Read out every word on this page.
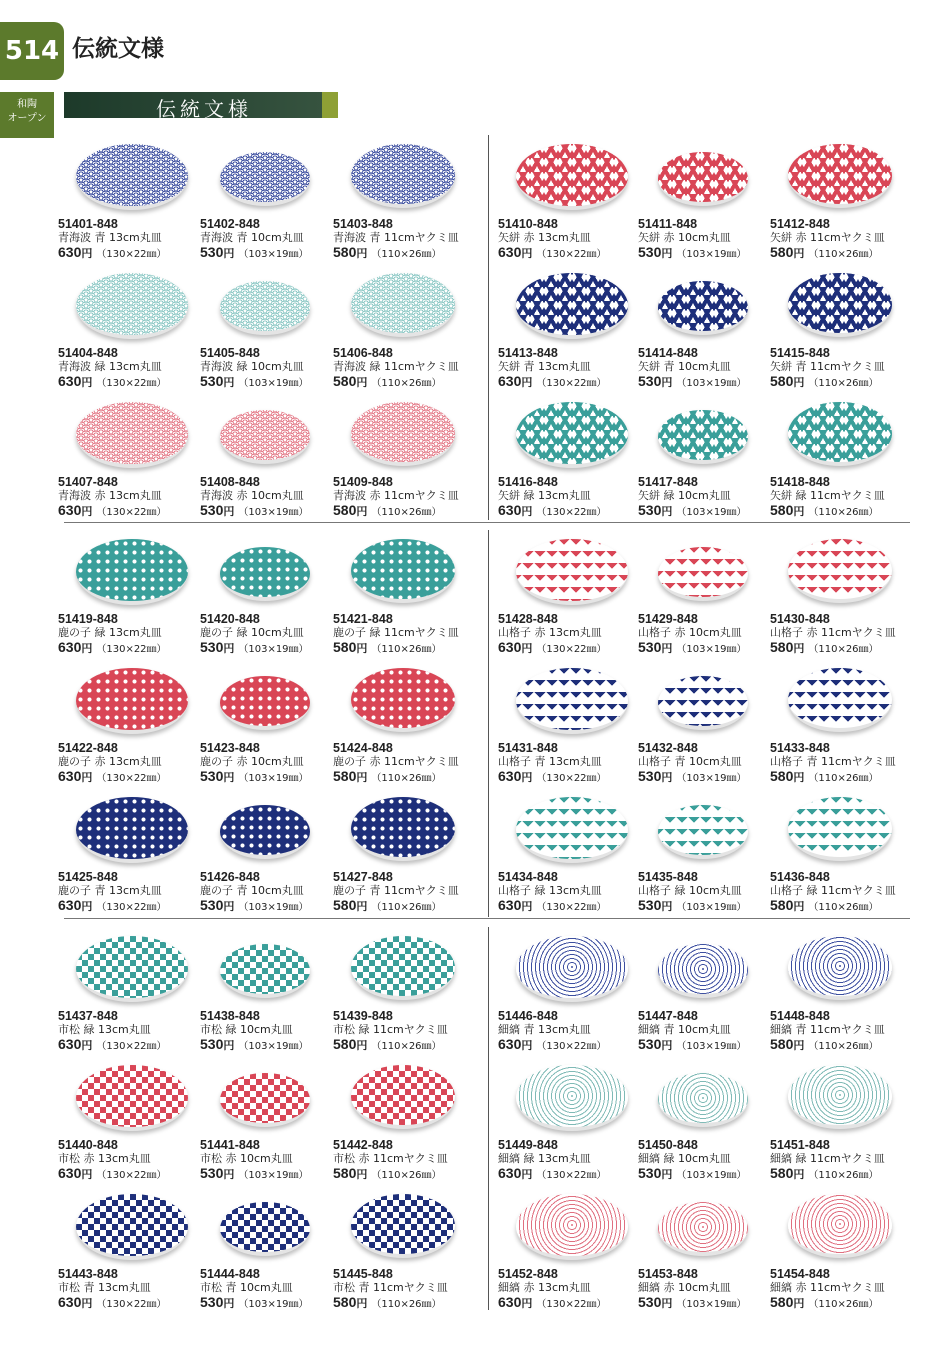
514 伝統文様
和陶
オープン	伝統文様
51401-848
青海波 青 13cm丸皿
630円 （130×22㎜）
51402-848
青海波 青 10cm丸皿
530円 （103×19㎜）
51403-848
青海波 青 11cmヤクミ皿
580円 （110×26㎜）
51410-848
矢絣 赤 13cm丸皿
630円 （130×22㎜）
51411-848
矢絣 赤 10cm丸皿
530円 （103×19㎜）
51412-848
矢絣 赤 11cmヤクミ皿
580円 （110×26㎜）
51404-848
青海波 緑 13cm丸皿
630円 （130×22㎜）
51405-848
青海波 緑 10cm丸皿
530円 （103×19㎜）
51406-848
青海波 緑 11cmヤクミ皿
580円 （110×26㎜）
51413-848
矢絣 青 13cm丸皿
630円 （130×22㎜）
51414-848
矢絣 青 10cm丸皿
530円 （103×19㎜）
51415-848
矢絣 青 11cmヤクミ皿
580円 （110×26㎜）
51407-848
青海波 赤 13cm丸皿
630円 （130×22㎜）
51408-848
青海波 赤 10cm丸皿
530円 （103×19㎜）
51409-848
青海波 赤 11cmヤクミ皿
580円 （110×26㎜）
51416-848
矢絣 緑 13cm丸皿
630円 （130×22㎜）
51417-848
矢絣 緑 10cm丸皿
530円 （103×19㎜）
51418-848
矢絣 緑 11cmヤクミ皿
580円 （110×26㎜）
51419-848
鹿の子 緑 13cm丸皿
630円 （130×22㎜）
51420-848
鹿の子 緑 10cm丸皿
530円 （103×19㎜）
51421-848
鹿の子 緑 11cmヤクミ皿
580円 （110×26㎜）
51428-848
山格子 赤 13cm丸皿
630円 （130×22㎜）
51429-848
山格子 赤 10cm丸皿
530円 （103×19㎜）
51430-848
山格子 赤 11cmヤクミ皿
580円 （110×26㎜）
51422-848
鹿の子 赤 13cm丸皿
630円 （130×22㎜）
51423-848
鹿の子 赤 10cm丸皿
530円 （103×19㎜）
51424-848
鹿の子 赤 11cmヤクミ皿
580円 （110×26㎜）
51431-848
山格子 青 13cm丸皿
630円 （130×22㎜）
51432-848
山格子 青 10cm丸皿
530円 （103×19㎜）
51433-848
山格子 青 11cmヤクミ皿
580円 （110×26㎜）
51425-848
鹿の子 青 13cm丸皿
630円 （130×22㎜）
51426-848
鹿の子 青 10cm丸皿
530円 （103×19㎜）
51427-848
鹿の子 青 11cmヤクミ皿
580円 （110×26㎜）
51434-848
山格子 緑 13cm丸皿
630円 （130×22㎜）
51435-848
山格子 緑 10cm丸皿
530円 （103×19㎜）
51436-848
山格子 緑 11cmヤクミ皿
580円 （110×26㎜）
51437-848
市松 緑 13cm丸皿
630円 （130×22㎜）
51438-848
市松 緑 10cm丸皿
530円 （103×19㎜）
51439-848
市松 緑 11cmヤクミ皿
580円 （110×26㎜）
51446-848
細縞 青 13cm丸皿
630円 （130×22㎜）
51447-848
細縞 青 10cm丸皿
530円 （103×19㎜）
51448-848
細縞 青 11cmヤクミ皿
580円 （110×26㎜）
51440-848
市松 赤 13cm丸皿
630円 （130×22㎜）
51441-848
市松 赤 10cm丸皿
530円 （103×19㎜）
51442-848
市松 赤 11cmヤクミ皿
580円 （110×26㎜）
51449-848
細縞 緑 13cm丸皿
630円 （130×22㎜）
51450-848
細縞 緑 10cm丸皿
530円 （103×19㎜）
51451-848
細縞 緑 11cmヤクミ皿
580円 （110×26㎜）
51443-848
市松 青 13cm丸皿
630円 （130×22㎜）
51444-848
市松 青 10cm丸皿
530円 （103×19㎜）
51445-848
市松 青 11cmヤクミ皿
580円 （110×26㎜）
51452-848
細縞 赤 13cm丸皿
630円 （130×22㎜）
51453-848
細縞 赤 10cm丸皿
530円 （103×19㎜）
51454-848
細縞 赤 11cmヤクミ皿
580円 （110×26㎜）
